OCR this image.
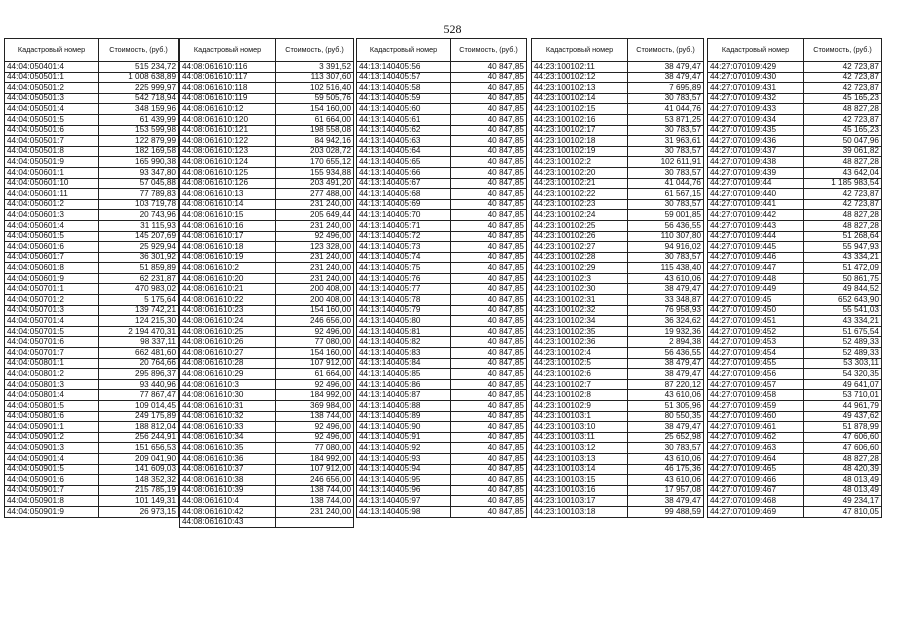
528
Кадастровый номер	Стоимость, (руб.)
44:04:050401:4	515 234,72
44:04:050501:1	1 008 638,89
44:04:050501:2	225 999,97
44:04:050501:3	542 718,94
44:04:050501:4	348 159,96
44:04:050501:5	61 439,99
44:04:050501:6	153 599,98
44:04:050501:7	122 879,99
44:04:050501:8	182 169,58
44:04:050501:9	165 990,38
44:04:050601:1	93 347,80
44:04:050601:10	57 045,88
44:04:050601:11	77 789,83
44:04:050601:2	103 719,78
44:04:050601:3	20 743,96
44:04:050601:4	31 115,93
44:04:050601:5	145 207,69
44:04:050601:6	25 929,94
44:04:050601:7	36 301,92
44:04:050601:8	51 859,89
44:04:050601:9	62 231,87
44:04:050701:1	470 983,02
44:04:050701:2	5 175,64
44:04:050701:3	139 742,21
44:04:050701:4	124 215,30
44:04:050701:5	2 194 470,31
44:04:050701:6	98 337,11
44:04:050701:7	662 481,60
44:04:050801:1	20 764,66
44:04:050801:2	295 896,37
44:04:050801:3	93 440,96
44:04:050801:4	77 867,47
44:04:050801:5	109 014,45
44:04:050801:6	249 175,89
44:04:050901:1	188 812,04
44:04:050901:2	256 244,91
44:04:050901:3	151 656,53
44:04:050901:4	209 041,90
44:04:050901:5	141 609,03
44:04:050901:6	148 352,32
44:04:050901:7	215 785,19
44:04:050901:8	101 149,31
44:04:050901:9	26 973,15
Кадастровый номер	Стоимость, (руб.)
44:08:061610:116	3 391,52
44:08:061610:117	113 307,60
44:08:061610:118	102 516,40
44:08:061610:119	59 505,76
44:08:061610:12	154 160,00
44:08:061610:120	61 664,00
44:08:061610:121	198 558,08
44:08:061610:122	84 942,16
44:08:061610:123	203 028,72
44:08:061610:124	170 655,12
44:08:061610:125	155 934,88
44:08:061610:126	203 491,20
44:08:061610:13	277 488,00
44:08:061610:14	231 240,00
44:08:061610:15	205 649,44
44:08:061610:16	231 240,00
44:08:061610:17	92 496,00
44:08:061610:18	123 328,00
44:08:061610:19	231 240,00
44:08:061610:2	231 240,00
44:08:061610:20	231 240,00
44:08:061610:21	200 408,00
44:08:061610:22	200 408,00
44:08:061610:23	154 160,00
44:08:061610:24	246 656,00
44:08:061610:25	92 496,00
44:08:061610:26	77 080,00
44:08:061610:27	154 160,00
44:08:061610:28	107 912,00
44:08:061610:29	61 664,00
44:08:061610:3	92 496,00
44:08:061610:30	184 992,00
44:08:061610:31	369 984,00
44:08:061610:32	138 744,00
44:08:061610:33	92 496,00
44:08:061610:34	92 496,00
44:08:061610:35	77 080,00
44:08:061610:36	184 992,00
44:08:061610:37	107 912,00
44:08:061610:38	246 656,00
44:08:061610:39	138 744,00
44:08:061610:4	138 744,00
44:08:061610:42	231 240,00
44:08:061610:43	
Кадастровый номер	Стоимость, (руб.)
44:13:140405:56	40 847,85
44:13:140405:57	40 847,85
44:13:140405:58	40 847,85
44:13:140405:59	40 847,85
44:13:140405:60	40 847,85
44:13:140405:61	40 847,85
44:13:140405:62	40 847,85
44:13:140405:63	40 847,85
44:13:140405:64	40 847,85
44:13:140405:65	40 847,85
44:13:140405:66	40 847,85
44:13:140405:67	40 847,85
44:13:140405:68	40 847,85
44:13:140405:69	40 847,85
44:13:140405:70	40 847,85
44:13:140405:71	40 847,85
44:13:140405:72	40 847,85
44:13:140405:73	40 847,85
44:13:140405:74	40 847,85
44:13:140405:75	40 847,85
44:13:140405:76	40 847,85
44:13:140405:77	40 847,85
44:13:140405:78	40 847,85
44:13:140405:79	40 847,85
44:13:140405:80	40 847,85
44:13:140405:81	40 847,85
44:13:140405:82	40 847,85
44:13:140405:83	40 847,85
44:13:140405:84	40 847,85
44:13:140405:85	40 847,85
44:13:140405:86	40 847,85
44:13:140405:87	40 847,85
44:13:140405:88	40 847,85
44:13:140405:89	40 847,85
44:13:140405:90	40 847,85
44:13:140405:91	40 847,85
44:13:140405:92	40 847,85
44:13:140405:93	40 847,85
44:13:140405:94	40 847,85
44:13:140405:95	40 847,85
44:13:140405:96	40 847,85
44:13:140405:97	40 847,85
44:13:140405:98	40 847,85
Кадастровый номер	Стоимость, (руб.)
44:23:100102:11	38 479,47
44:23:100102:12	38 479,47
44:23:100102:13	7 695,89
44:23:100102:14	30 783,57
44:23:100102:15	41 044,76
44:23:100102:16	53 871,25
44:23:100102:17	30 783,57
44:23:100102:18	31 963,61
44:23:100102:19	30 783,57
44:23:100102:2	102 611,91
44:23:100102:20	30 783,57
44:23:100102:21	41 044,76
44:23:100102:22	61 567,15
44:23:100102:23	30 783,57
44:23:100102:24	59 001,85
44:23:100102:25	56 436,55
44:23:100102:26	110 307,80
44:23:100102:27	94 916,02
44:23:100102:28	30 783,57
44:23:100102:29	115 438,40
44:23:100102:3	43 610,06
44:23:100102:30	38 479,47
44:23:100102:31	33 348,87
44:23:100102:32	76 958,93
44:23:100102:34	36 324,62
44:23:100102:35	19 932,36
44:23:100102:36	2 894,38
44:23:100102:4	56 436,55
44:23:100102:5	38 479,47
44:23:100102:6	38 479,47
44:23:100102:7	87 220,12
44:23:100102:8	43 610,06
44:23:100102:9	51 305,96
44:23:100103:1	80 550,35
44:23:100103:10	38 479,47
44:23:100103:11	25 652,98
44:23:100103:12	30 783,57
44:23:100103:13	43 610,06
44:23:100103:14	46 175,36
44:23:100103:15	43 610,06
44:23:100103:16	17 957,08
44:23:100103:17	38 479,47
44:23:100103:18	99 488,59
Кадастровый номер	Стоимость, (руб.)
44:27:070109:429	42 723,87
44:27:070109:430	42 723,87
44:27:070109:431	42 723,87
44:27:070109:432	45 165,23
44:27:070109:433	48 827,28
44:27:070109:434	42 723,87
44:27:070109:435	45 165,23
44:27:070109:436	50 047,96
44:27:070109:437	39 061,82
44:27:070109:438	48 827,28
44:27:070109:439	43 642,04
44:27:070109:44	1 185 983,54
44:27:070109:440	42 723,87
44:27:070109:441	42 723,87
44:27:070109:442	48 827,28
44:27:070109:443	48 827,28
44:27:070109:444	51 268,64
44:27:070109:445	55 947,93
44:27:070109:446	43 334,21
44:27:070109:447	51 472,09
44:27:070109:448	50 861,75
44:27:070109:449	49 844,52
44:27:070109:45	652 643,90
44:27:070109:450	55 541,03
44:27:070109:451	43 334,21
44:27:070109:452	51 675,54
44:27:070109:453	52 489,33
44:27:070109:454	52 489,33
44:27:070109:455	53 303,11
44:27:070109:456	54 320,35
44:27:070109:457	49 641,07
44:27:070109:458	53 710,01
44:27:070109:459	44 961,79
44:27:070109:460	49 437,62
44:27:070109:461	51 878,99
44:27:070109:462	47 606,60
44:27:070109:463	47 606,60
44:27:070109:464	48 827,28
44:27:070109:465	48 420,39
44:27:070109:466	48 013,49
44:27:070109:467	48 013,49
44:27:070109:468	49 234,17
44:27:070109:469	47 810,05
